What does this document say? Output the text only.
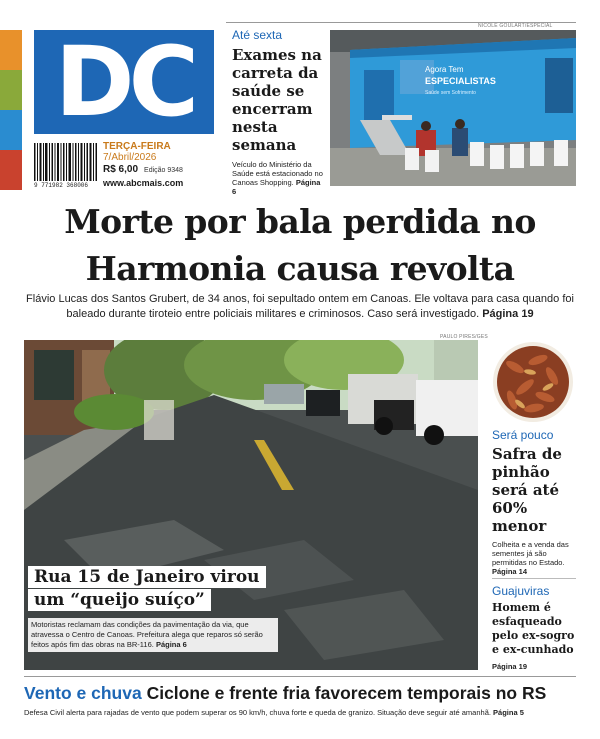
DC
9 771982 368006
TERÇA-FEIRA
7/Abril/2026
R$ 6,00 Edição 9348
www.abcmais.com
Até sexta
Exames na
carreta da
saúde se
encerram
nesta
semana
Veículo do Ministério da Saúde está estacionado no Canoas Shopping. Página 6
NICOLE GOULART/ESPECIAL
Agora Tem
ESPECIALISTAS
Saúde sem Sofrimento
Morte por bala perdida no
Harmonia causa revolta
Flávio Lucas dos Santos Grubert, de 34 anos, foi sepultado ontem em Canoas. Ele voltava para casa quando foi baleado durante tiroteio entre policiais militares e criminosos. Caso será investigado. Página 19
PAULO PIRES/GES
Rua 15 de Janeiro virou
um “queijo suíço”
Motoristas reclamam das condições da pavimentação da via, que atravessa o Centro de Canoas. Prefeitura alega que reparos só serão feitos após fim das obras na BR-116. Página 6
Será pouco
Safra de
pinhão
será até
60%
menor
Colheita e a venda das sementes já são permitidas no Estado. Página 14
Guajuviras
Homem é
esfaqueado
pelo ex-sogro
e ex-cunhado
Página 19
Vento e chuva Ciclone e frente fria favorecem temporais no RS
Defesa Civil alerta para rajadas de vento que podem superar os 90 km/h, chuva forte e queda de granizo. Situação deve seguir até amanhã. Página 5
